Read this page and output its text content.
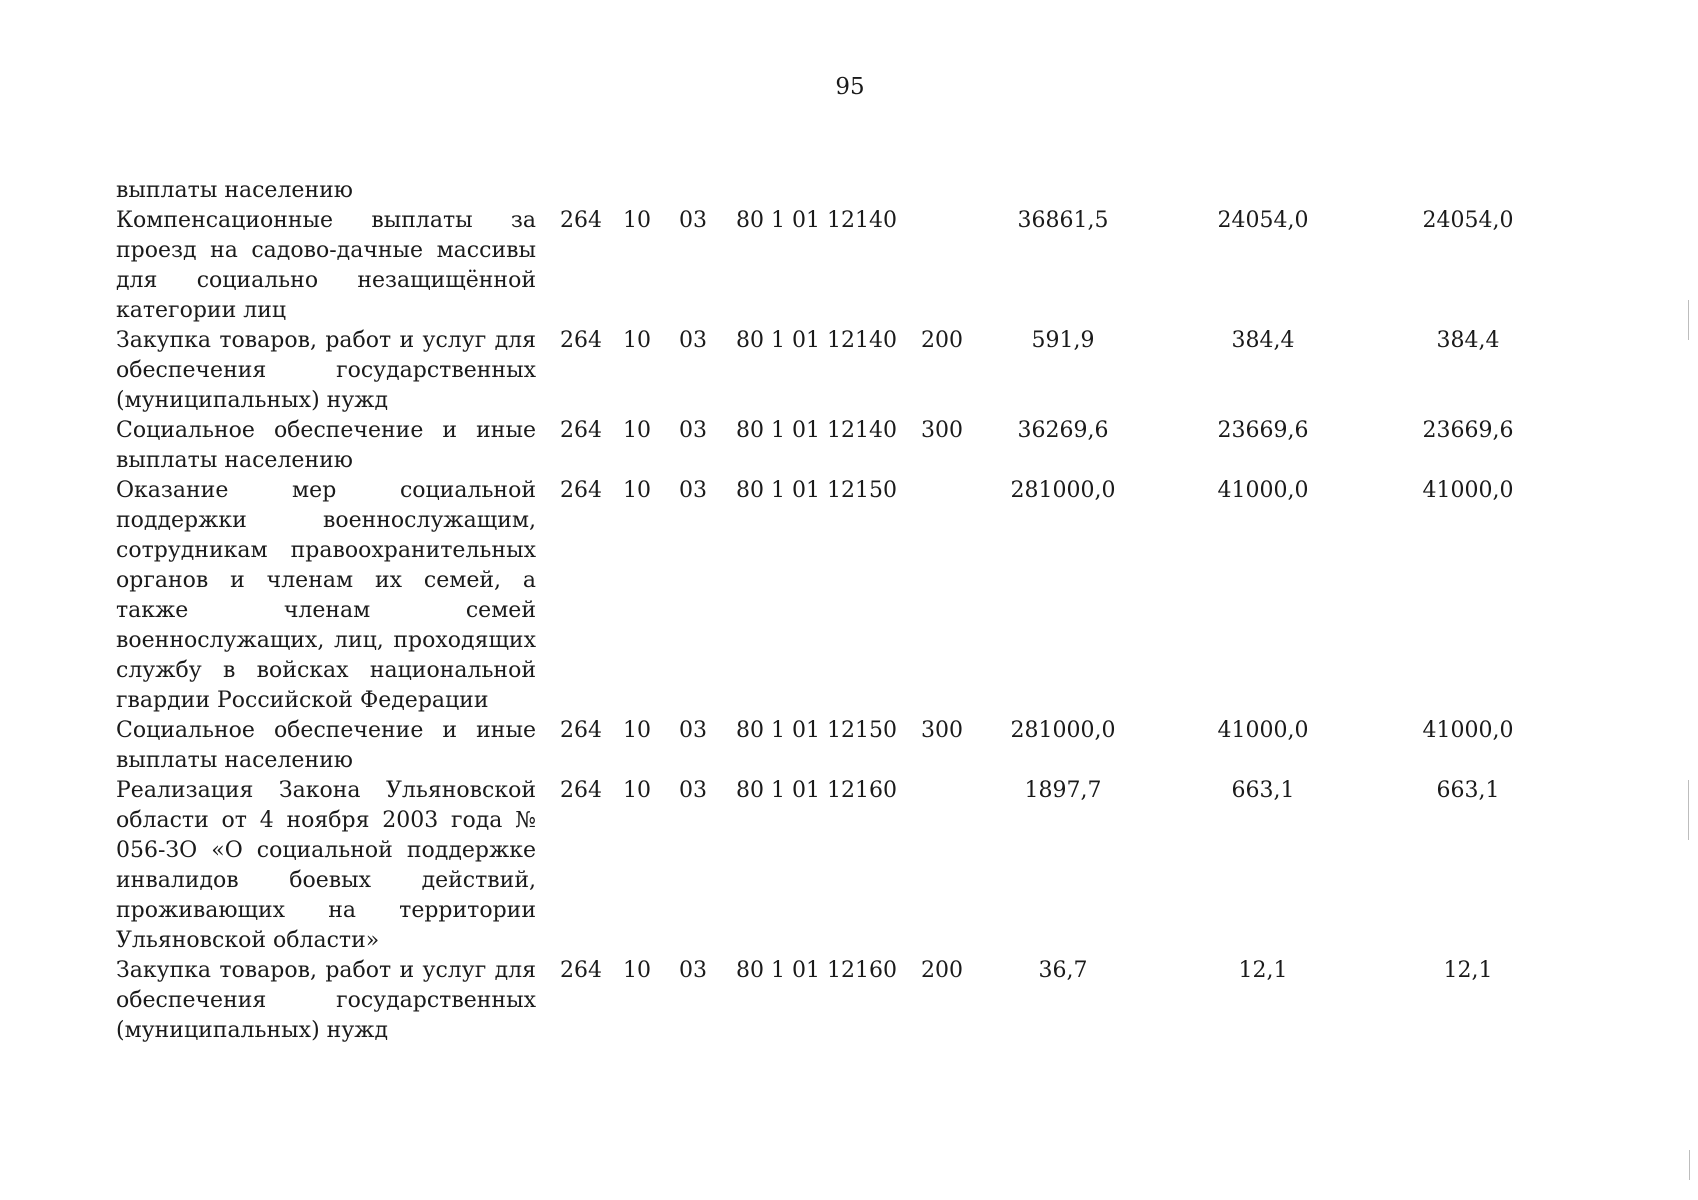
95
выплаты населению
Компенсационные выплаты за проезд на садово-дачные массивы для социально незащищённой категории лиц	264	10	03	80 1 01 12140		36861,5	24054,0	24054,0
Закупка товаров, работ и услуг для обеспечения государственных (муниципальных) нужд	264	10	03	80 1 01 12140	200	591,9	384,4	384,4
Социальное обеспечение и иные выплаты населению	264	10	03	80 1 01 12140	300	36269,6	23669,6	23669,6
Оказание мер социальной поддержки военнослужащим, сотрудникам правоохранительных органов и членам их семей, а также членам семей военнослужащих, лиц, проходящих службу в войсках национальной гвардии Российской Федерации	264	10	03	80 1 01 12150		281000,0	41000,0	41000,0
Социальное обеспечение и иные выплаты населению	264	10	03	80 1 01 12150	300	281000,0	41000,0	41000,0
Реализация Закона Ульяновской области от 4 ноября 2003 года № 056-ЗО «О социальной поддержке инвалидов боевых действий, проживающих на территории Ульяновской области»	264	10	03	80 1 01 12160		1897,7	663,1	663,1
Закупка товаров, работ и услуг для обеспечения государственных (муниципальных) нужд	264	10	03	80 1 01 12160	200	36,7	12,1	12,1
